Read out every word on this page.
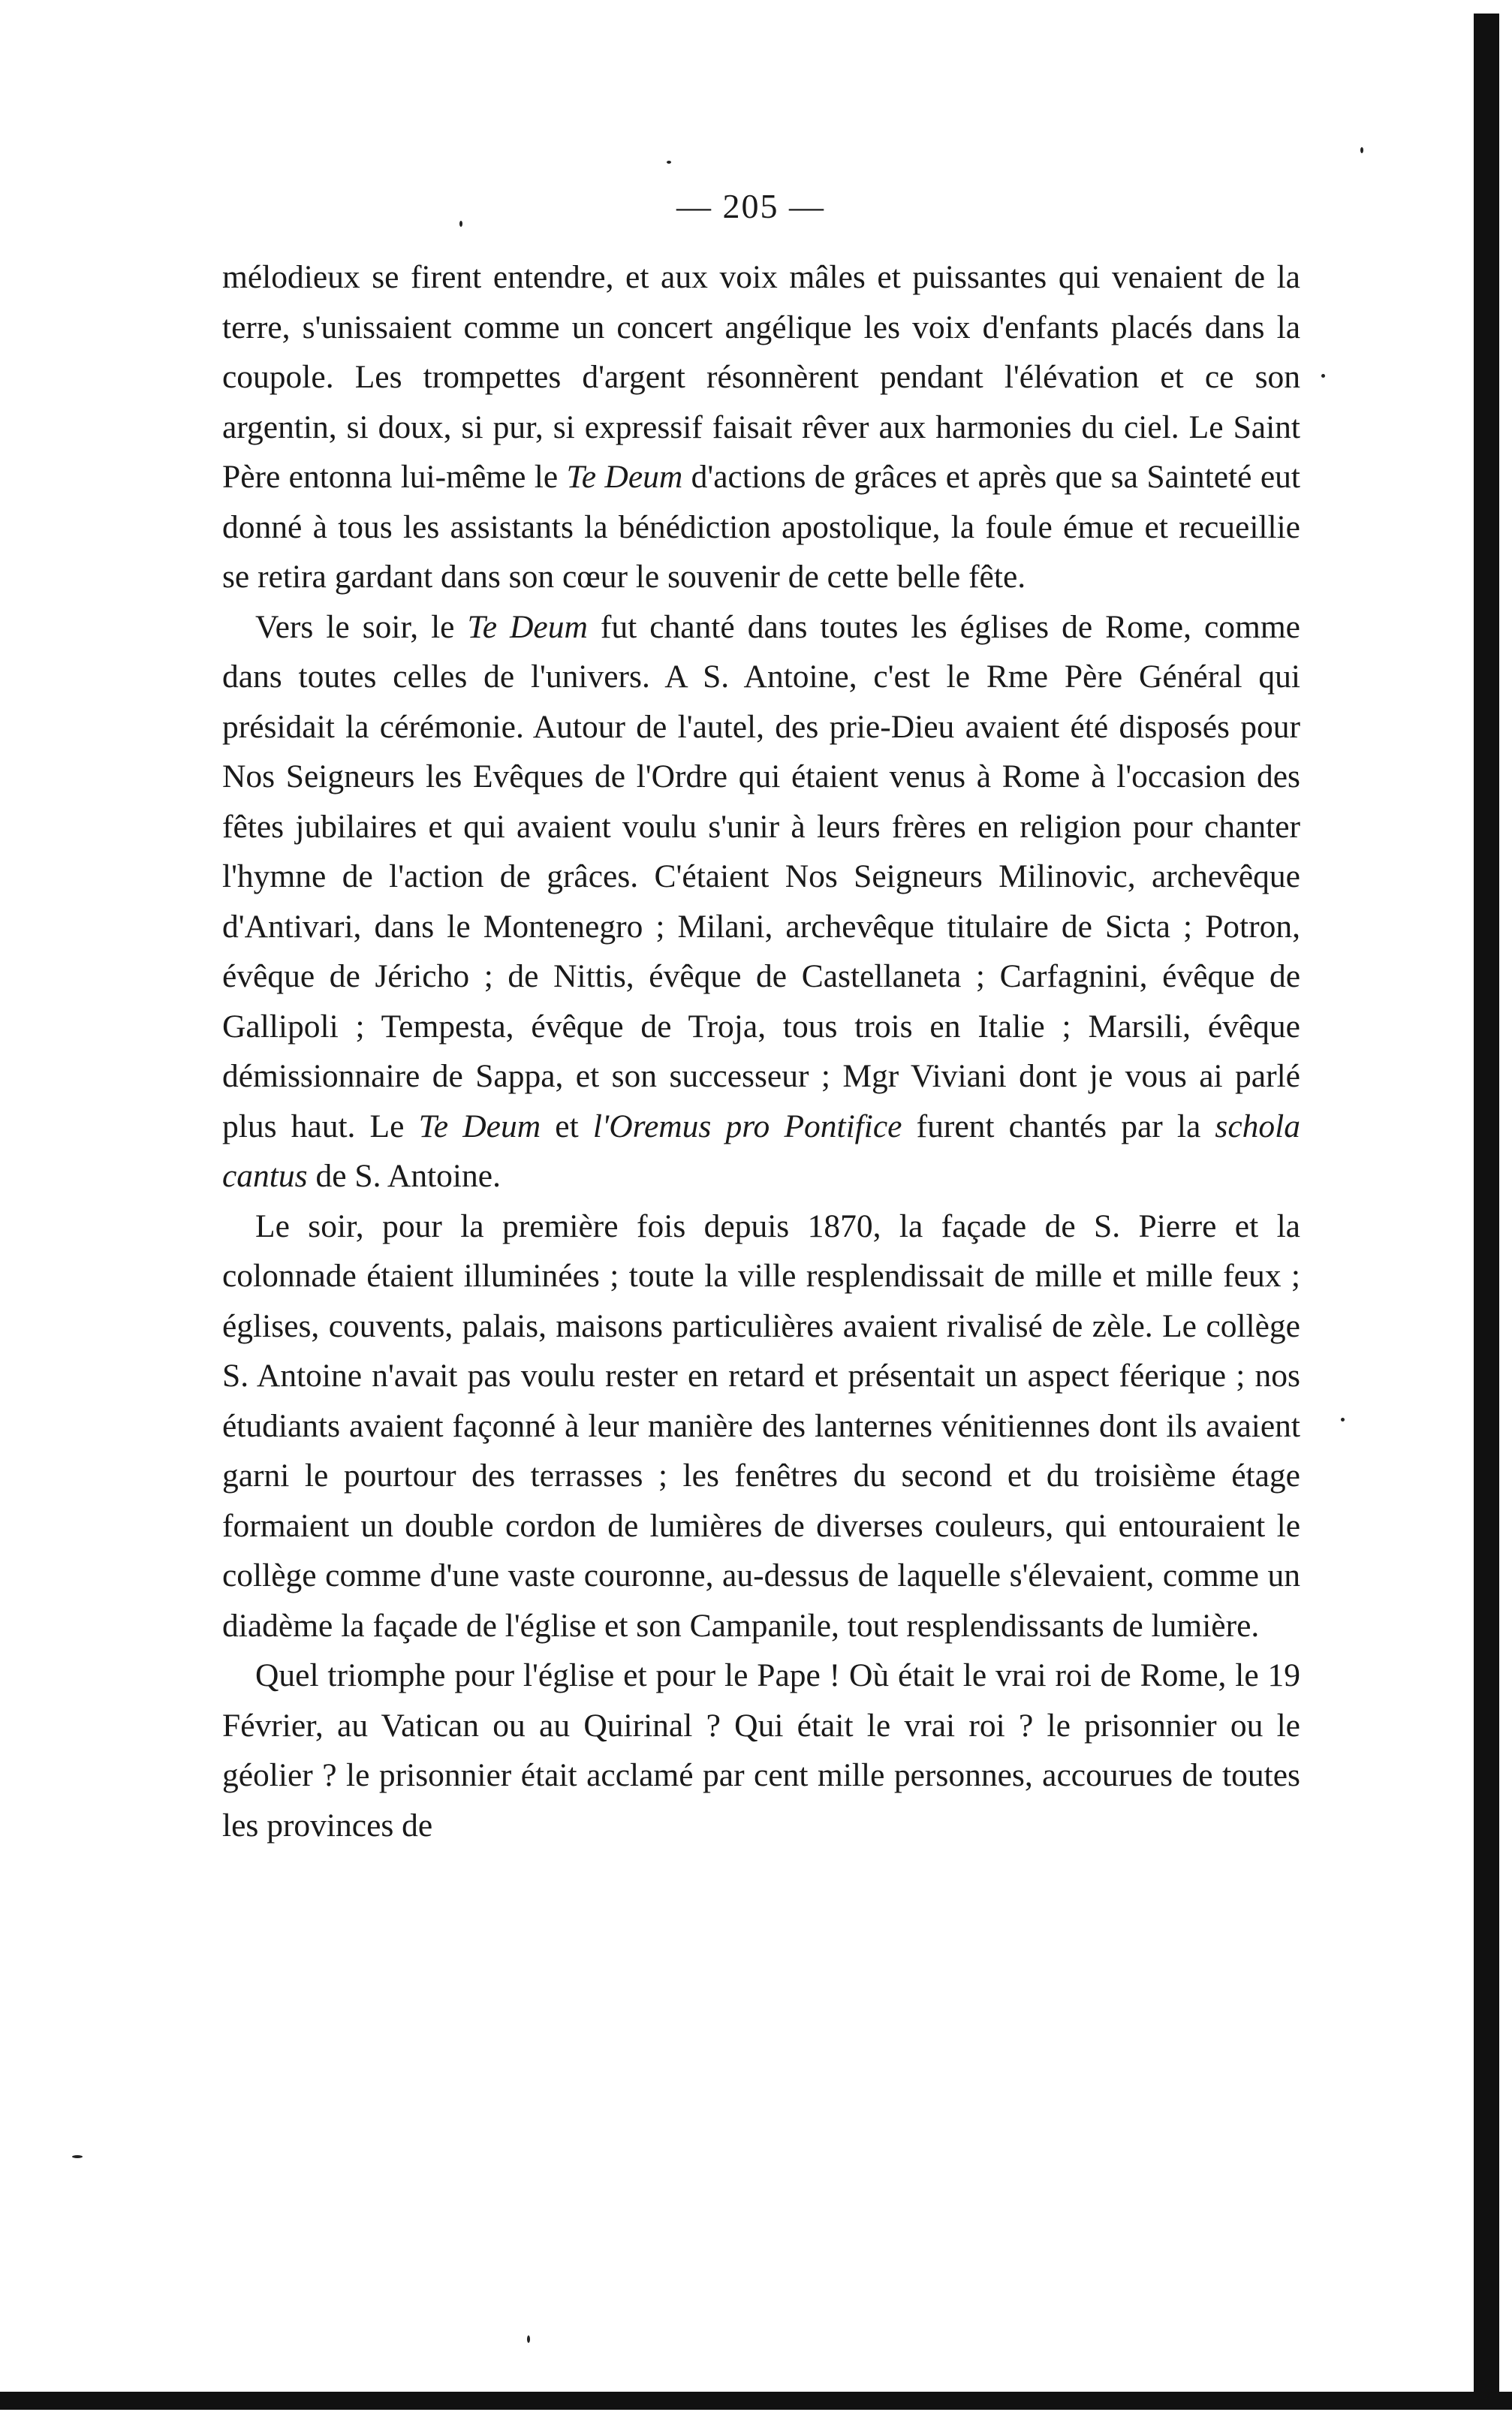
— 205 —

mélodieux se firent entendre, et aux voix mâles et puissantes qui venaient de la terre, s'unissaient comme un concert angélique les voix d'enfants placés dans la coupole. Les trompettes d'argent résonnèrent pendant l'élévation et ce son argentin, si doux, si pur, si expressif faisait rêver aux harmonies du ciel. Le Saint Père entonna lui-même le Te Deum d'actions de grâces et après que sa Sainteté eut donné à tous les assistants la bénédiction apostolique, la foule émue et recueillie se retira gardant dans son cœur le souvenir de cette belle fête.

Vers le soir, le Te Deum fut chanté dans toutes les églises de Rome, comme dans toutes celles de l'univers. A S. Antoine, c'est le Rme Père Général qui présidait la cérémonie. Autour de l'autel, des prie-Dieu avaient été disposés pour Nos Seigneurs les Evêques de l'Ordre qui étaient venus à Rome à l'occasion des fêtes jubilaires et qui avaient voulu s'unir à leurs frères en religion pour chanter l'hymne de l'action de grâces. C'étaient Nos Seigneurs Milinovic, archevêque d'Antivari, dans le Montenegro ; Milani, archevêque titulaire de Sicta ; Potron, évêque de Jéricho ; de Nittis, évêque de Castellaneta ; Carfagnini, évêque de Gallipoli ; Tempesta, évêque de Troja, tous trois en Italie ; Marsili, évêque démissionnaire de Sappa, et son successeur ; Mgr Viviani dont je vous ai parlé plus haut. Le Te Deum et l'Oremus pro Pontifice furent chantés par la schola cantus de S. Antoine.

Le soir, pour la première fois depuis 1870, la façade de S. Pierre et la colonnade étaient illuminées ; toute la ville resplendissait de mille et mille feux ; églises, couvents, palais, maisons particulières avaient rivalisé de zèle. Le collège S. Antoine n'avait pas voulu rester en retard et présentait un aspect féerique ; nos étudiants avaient façonné à leur manière des lanternes vénitiennes dont ils avaient garni le pourtour des terrasses ; les fenêtres du second et du troisième étage formaient un double cordon de lumières de diverses couleurs, qui entouraient le collège comme d'une vaste couronne, au-dessus de laquelle s'élevaient, comme un diadème la façade de l'église et son Campanile, tout resplendissants de lumière.

Quel triomphe pour l'église et pour le Pape ! Où était le vrai roi de Rome, le 19 Février, au Vatican ou au Quirinal ? Qui était le vrai roi ? le prisonnier ou le géolier ? le prisonnier était acclamé par cent mille personnes, accourues de toutes les provinces de
